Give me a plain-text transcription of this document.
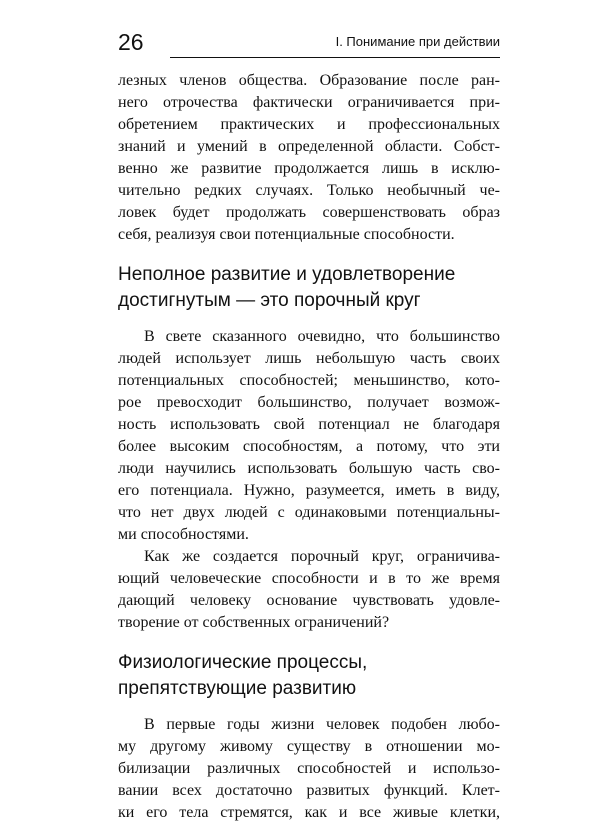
26	I. Понимание при действии
лезных членов общества. Образование после ран-
него отрочества фактически ограничивается при-
обретением практических и профессиональных
знаний и умений в определенной области. Собст-
венно же развитие продолжается лишь в исклю-
чительно редких случаях. Только необычный че-
ловек будет продолжать совершенствовать образ
себя, реализуя свои потенциальные способности.
Неполное развитие и удовлетворение
достигнутым — это порочный круг
В свете сказанного очевидно, что большинство
людей использует лишь небольшую часть своих
потенциальных способностей; меньшинство, кото-
рое превосходит большинство, получает возмож-
ность использовать свой потенциал не благодаря
более высоким способностям, а потому, что эти
люди научились использовать большую часть сво-
его потенциала. Нужно, разумеется, иметь в виду,
что нет двух людей с одинаковыми потенциальны-
ми способностями.
Как же создается порочный круг, ограничива-
ющий человеческие способности и в то же время
дающий человеку основание чувствовать удовле-
творение от собственных ограничений?
Физиологические процессы,
препятствующие развитию
В первые годы жизни человек подобен любо-
му другому живому существу в отношении мо-
билизации различных способностей и использо-
вании всех достаточно развитых функций. Клет-
ки его тела стремятся, как и все живые клетки,
